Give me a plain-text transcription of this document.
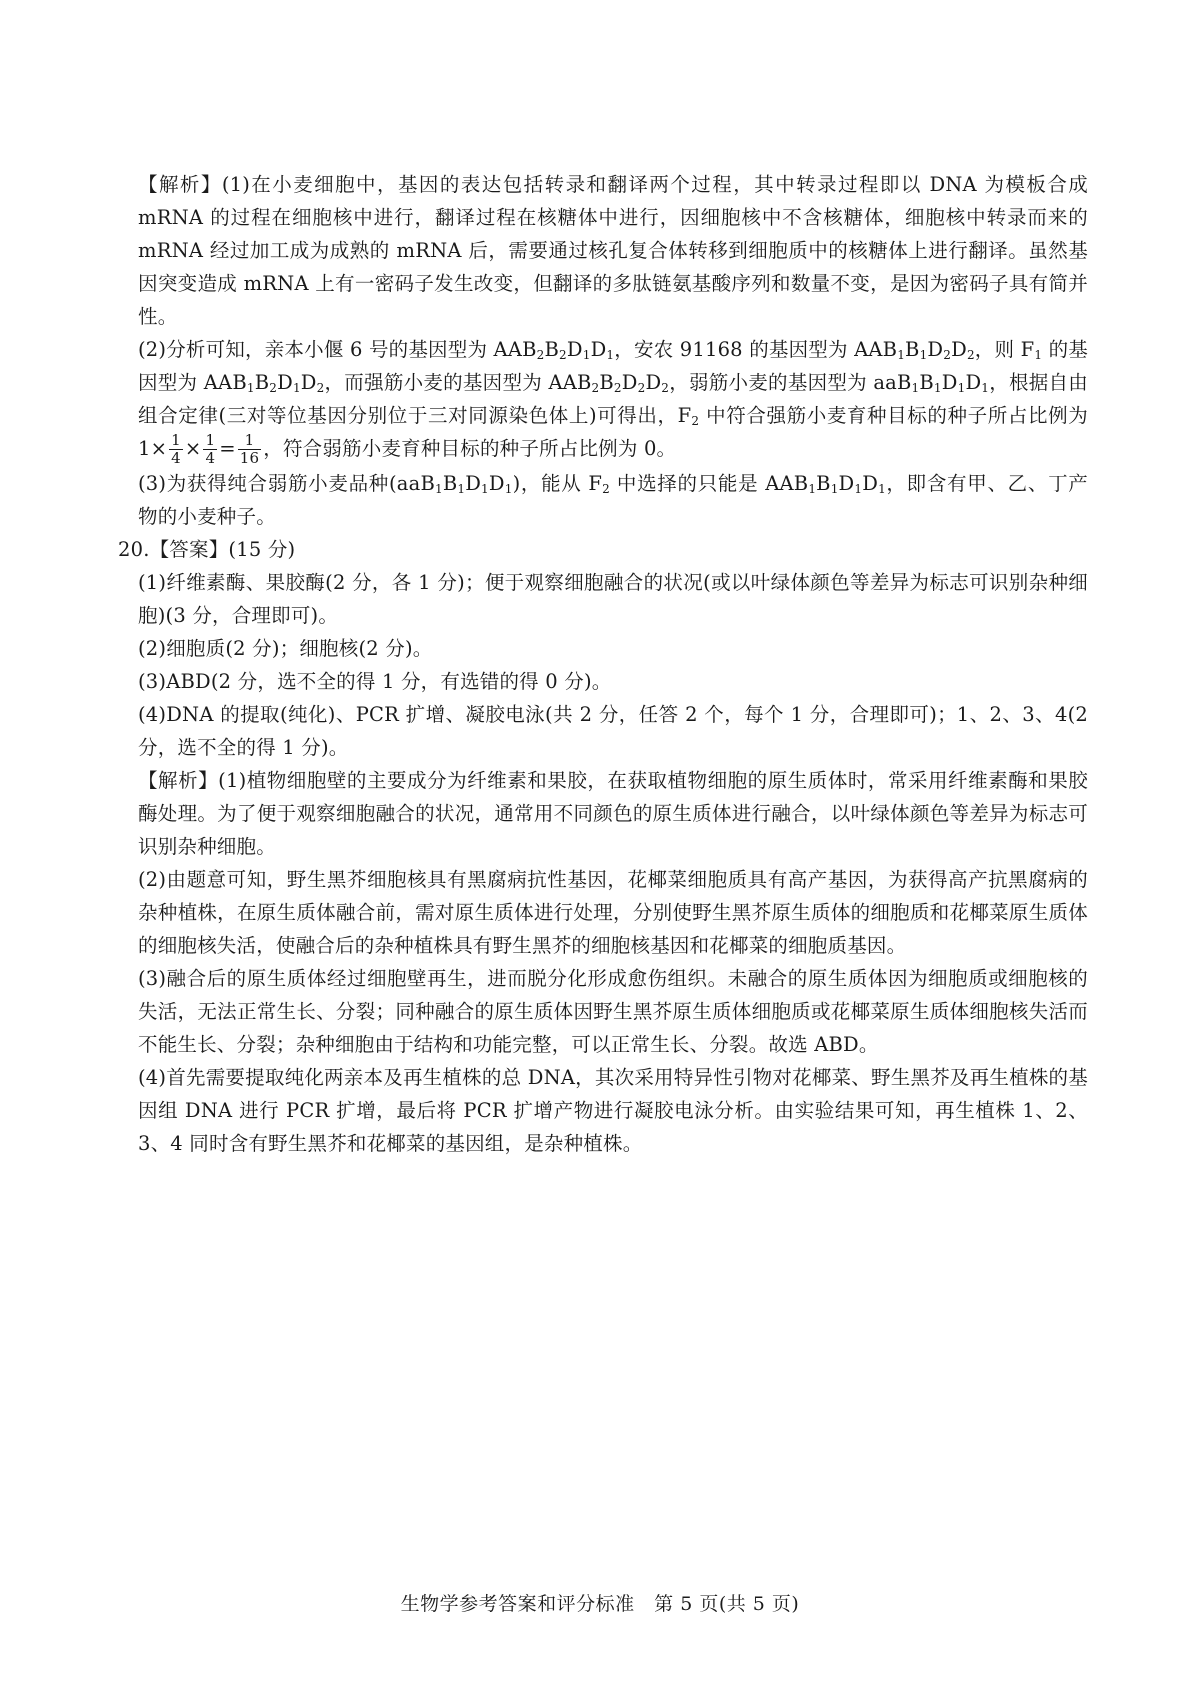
【解析】(1)在小麦细胞中，基因的表达包括转录和翻译两个过程，其中转录过程即以 DNA 为模板合成 mRNA 的过程在细胞核中进行，翻译过程在核糖体中进行，因细胞核中不含核糖体，细胞核中转录而来的 mRNA 经过加工成为成熟的 mRNA 后，需要通过核孔复合体转移到细胞质中的核糖体上进行翻译。虽然基因突变造成 mRNA 上有一密码子发生改变，但翻译的多肽链氨基酸序列和数量不变，是因为密码子具有简并性。

(2)分析可知，亲本小偃 6 号的基因型为 $AAB_2B_2D_1D_1$，安农 91168 的基因型为 $AAB_1B_1D_2D_2$，则 $F_1$ 的基因型为 $AAB_1B_2D_1D_2$，而强筋小麦的基因型为 $AAB_2B_2D_2D_2$，弱筋小麦的基因型为 $aaB_1B_1D_1D_1$，根据自由组合定律(三对等位基因分别位于三对同源染色体上)可得出，$F_2$ 中符合强筋小麦育种目标的种子所占比例为 $1\times \frac{1}{4} \times \frac{1}{4} = \frac{1}{16}$ ，符合弱筋小麦育种目标的种子所占比例为 0。

(3)为获得纯合弱筋小麦品种$(aaB_1B_1D_1D_1)$，能从 $F_2$ 中选择的只能是 $AAB_1B_1D_1D_1$，即含有甲、乙、丁产物的小麦种子。

20.【答案】(15 分)

(1)纤维素酶、果胶酶(2 分，各 1 分)；便于观察细胞融合的状况(或以叶绿体颜色等差异为标志可识别杂种细胞)(3 分，合理即可)。

(2)细胞质(2 分)；细胞核(2 分)。

(3)ABD(2 分，选不全的得 1 分，有选错的得 0 分)。

(4)DNA 的提取(纯化)、PCR 扩增、凝胶电泳(共 2 分，任答 2 个，每个 1 分，合理即可)；1、2、3、4(2 分，选不全的得 1 分)。

【解析】(1)植物细胞壁的主要成分为纤维素和果胶，在获取植物细胞的原生质体时，常采用纤维素酶和果胶酶处理。为了便于观察细胞融合的状况，通常用不同颜色的原生质体进行融合，以叶绿体颜色等差异为标志可识别杂种细胞。

(2)由题意可知，野生黑芥细胞核具有黑腐病抗性基因，花椰菜细胞质具有高产基因，为获得高产抗黑腐病的杂种植株，在原生质体融合前，需对原生质体进行处理，分别使野生黑芥原生质体的细胞质和花椰菜原生质体的细胞核失活，使融合后的杂种植株具有野生黑芥的细胞核基因和花椰菜的细胞质基因。

(3)融合后的原生质体经过细胞壁再生，进而脱分化形成愈伤组织。未融合的原生质体因为细胞质或细胞核的失活，无法正常生长、分裂；同种融合的原生质体因野生黑芥原生质体细胞质或花椰菜原生质体细胞核失活而不能生长、分裂；杂种细胞由于结构和功能完整，可以正常生长、分裂。故选 ABD。

(4)首先需要提取纯化两亲本及再生植株的总 DNA，其次采用特异性引物对花椰菜、野生黑芥及再生植株的基因组 DNA 进行 PCR 扩增，最后将 PCR 扩增产物进行凝胶电泳分析。由实验结果可知，再生植株 1、2、3、4 同时含有野生黑芥和花椰菜的基因组，是杂种植株。

生物学参考答案和评分标准　第 5 页(共 5 页)
